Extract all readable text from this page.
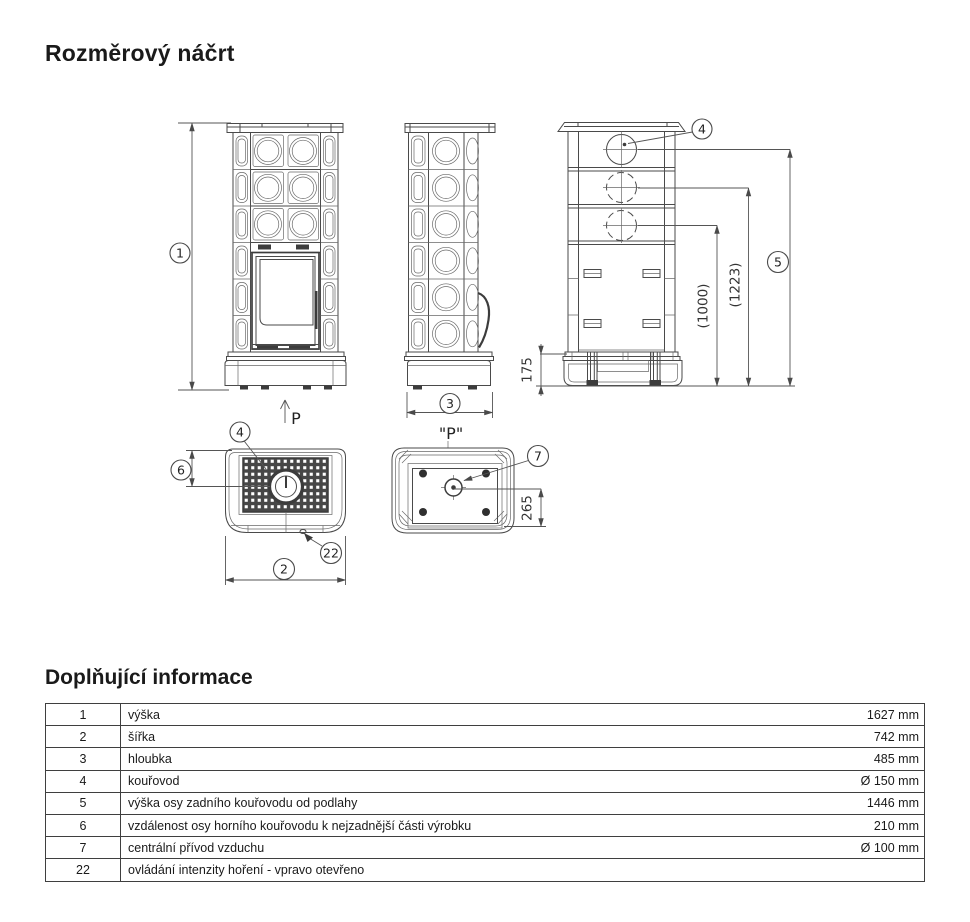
Rozměrový náčrt
1
P
3
175
(1000) (1223)
5
4
4
6
22
2
"P"
7
265
Doplňující informace
1	výška	1627 mm
2	šířka	742 mm
3	hloubka	485 mm
4	kouřovod	Ø 150 mm
5	výška osy zadního kouřovodu od podlahy	1446 mm
6	vzdálenost osy horního kouřovodu k nejzadnější části výrobku	210 mm
7	centrální přívod vzduchu	Ø 100 mm
22	ovládání intenzity hoření - vpravo otevřeno
